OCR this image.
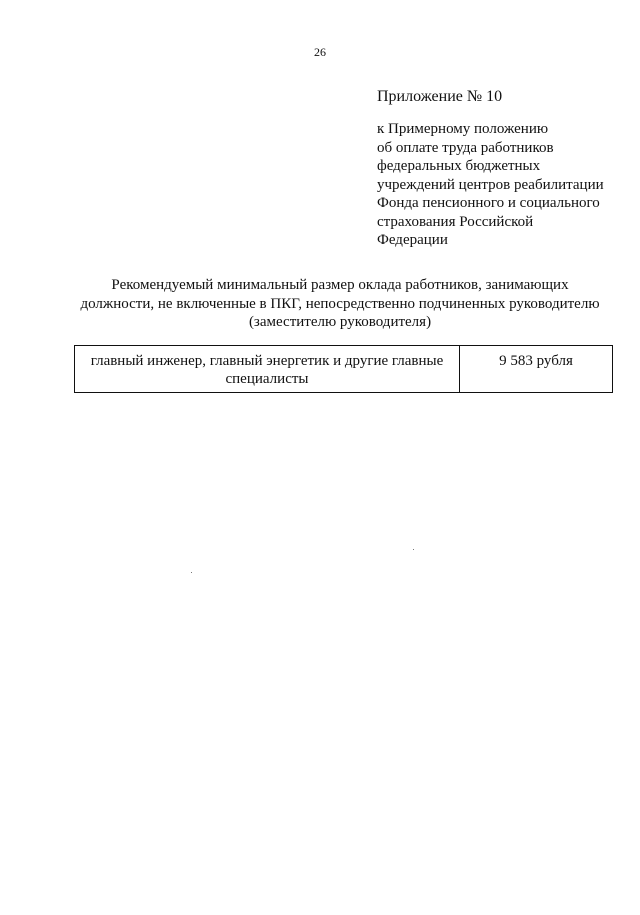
26
Приложение № 10
к Примерному положению
об оплате труда работников
федеральных бюджетных
учреждений центров реабилитации
Фонда пенсионного и социального
страхования Российской
Федерации
Рекомендуемый минимальный размер оклада работников, занимающих
должности, не включенные в ПКГ, непосредственно подчиненных руководителю
(заместителю руководителя)
главный инженер, главный энергетик и другие главные специалисты	9 583 рубля
